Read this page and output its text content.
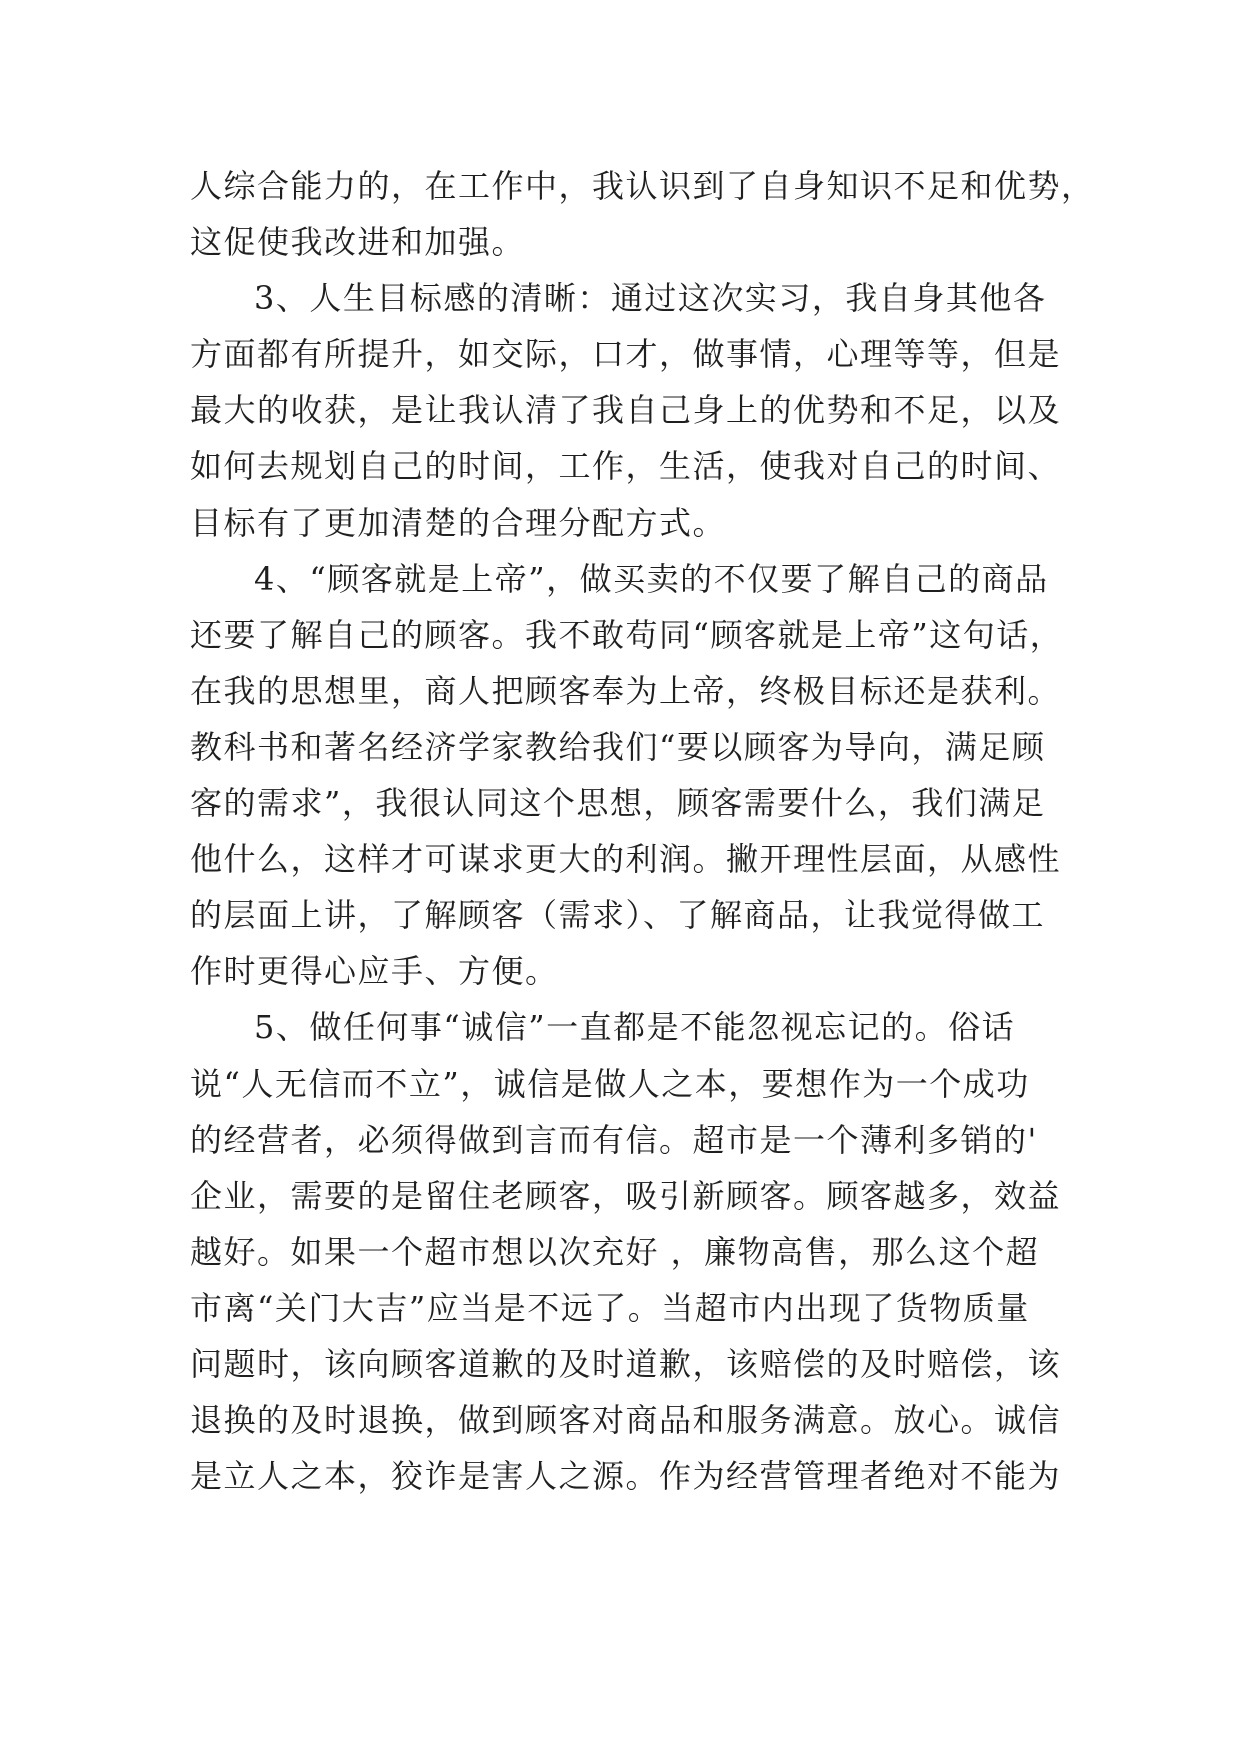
人综合能力的，在工作中，我认识到了自身知识不足和优势，
这促使我改进和加强。
3、人生目标感的清晰：通过这次实习，我自身其他各
方面都有所提升，如交际，口才，做事情，心理等等，但是
最大的收获，是让我认清了我自己身上的优势和不足，以及
如何去规划自己的时间，工作，生活，使我对自己的时间、
目标有了更加清楚的合理分配方式。
4、“顾客就是上帝”，做买卖的不仅要了解自己的商品
还要了解自己的顾客。我不敢苟同“顾客就是上帝”这句话，
在我的思想里，商人把顾客奉为上帝，终极目标还是获利。
教科书和著名经济学家教给我们“要以顾客为导向，满足顾
客的需求”，我很认同这个思想，顾客需要什么，我们满足
他什么，这样才可谋求更大的利润。撇开理性层面，从感性
的层面上讲，了解顾客（需求）、了解商品，让我觉得做工
作时更得心应手、方便。
5、做任何事“诚信”一直都是不能忽视忘记的。俗话
说“人无信而不立”，诚信是做人之本，要想作为一个成功
的经营者，必须得做到言而有信。超市是一个薄利多销的'
企业，需要的是留住老顾客，吸引新顾客。顾客越多，效益
越好。如果一个超市想以次充好 ，廉物高售，那么这个超
市离“关门大吉”应当是不远了。当超市内出现了货物质量
问题时，该向顾客道歉的及时道歉，该赔偿的及时赔偿，该
退换的及时退换，做到顾客对商品和服务满意。放心。诚信
是立人之本，狡诈是害人之源。作为经营管理者绝对不能为
